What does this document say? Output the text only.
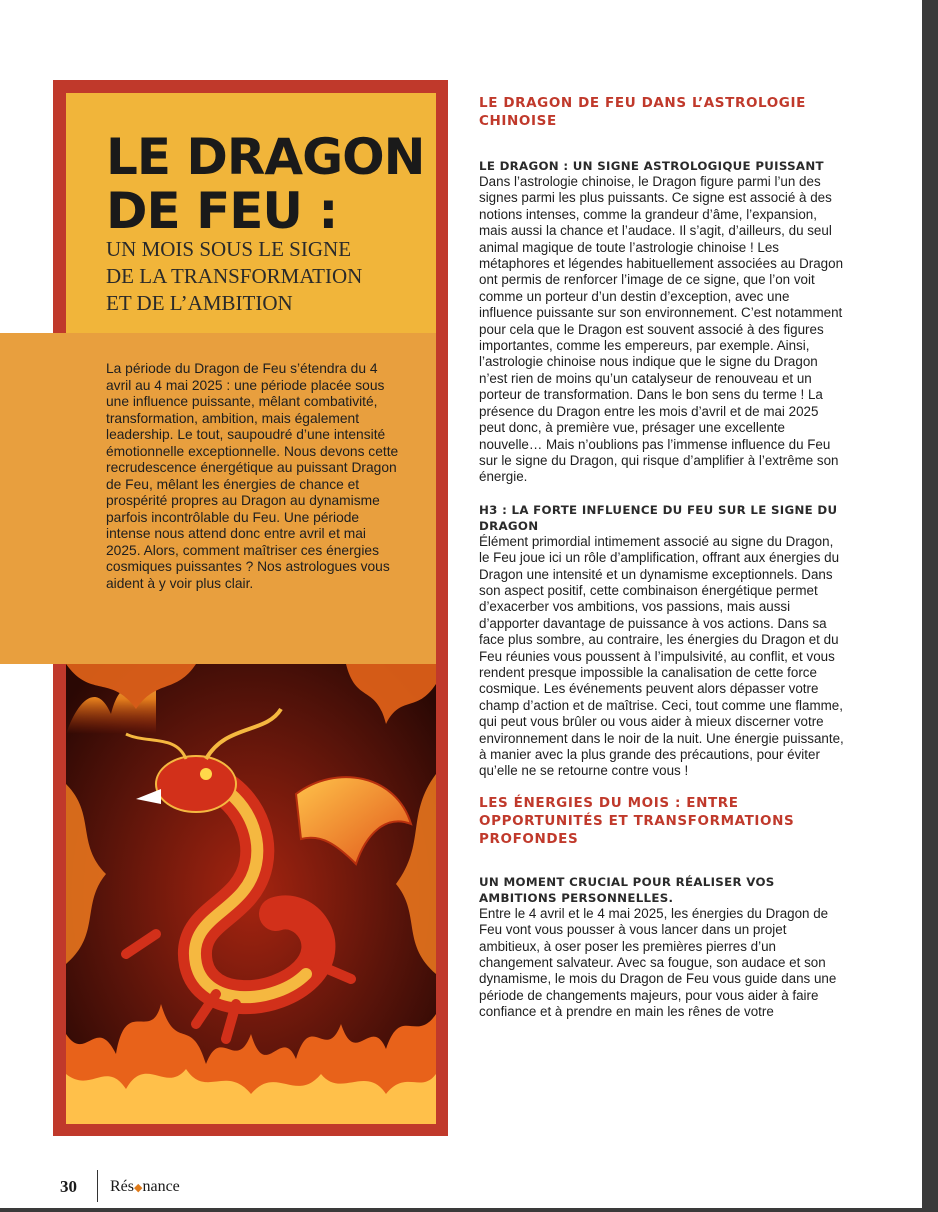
LE DRAGON DE FEU :
UN MOIS SOUS LE SIGNE
DE LA TRANSFORMATION
ET DE L’AMBITION

La période du Dragon de Feu s’étendra du 4 avril au 4 mai 2025 : une période placée sous une influence puissante, mêlant combativité, transformation, ambition, mais également leadership. Le tout, saupoudré d’une intensité émotionnelle exceptionnelle. Nous devons cette recrudescence énergétique au puissant Dragon de Feu, mêlant les énergies de chance et prospérité propres au Dragon au dynamisme parfois incontrôlable du Feu. Une période intense nous attend donc entre avril et mai 2025. Alors, comment maîtriser ces énergies cosmiques puissantes ? Nos astrologues vous aident à y voir plus clair.

LE DRAGON DE FEU DANS L’ASTROLOGIE CHINOISE
LE DRAGON : UN SIGNE ASTROLOGIQUE PUISSANT

Dans l’astrologie chinoise, le Dragon figure parmi l’un des signes parmi les plus puissants. Ce signe est associé à des notions intenses, comme la grandeur d’âme, l’expansion, mais aussi la chance et l’audace. Il s’agit, d’ailleurs, du seul animal magique de toute l’astrologie chinoise ! Les métaphores et légendes habituellement associées au Dragon ont permis de renforcer l’image de ce signe, que l’on voit comme un porteur d’un destin d’exception, avec une influence puissante sur son environnement. C’est notamment pour cela que le Dragon est souvent associé à des figures importantes, comme les empereurs, par exemple. Ainsi, l’astrologie chinoise nous indique que le signe du Dragon n’est rien de moins qu’un catalyseur de renouveau et un porteur de transformation. Dans le bon sens du terme ! La présence du Dragon entre les mois d’avril et de mai 2025 peut donc, à première vue, présager une excellente nouvelle… Mais n’oublions pas l’immense influence du Feu sur le signe du Dragon, qui risque d’amplifier à l’extrême son énergie.

H3 : LA FORTE INFLUENCE DU FEU SUR LE SIGNE DU DRAGON

Élément primordial intimement associé au signe du Dragon, le Feu joue ici un rôle d’amplification, offrant aux énergies du Dragon une intensité et un dynamisme exceptionnels. Dans son aspect positif, cette combinaison énergétique permet d’exacerber vos ambitions, vos passions, mais aussi d’apporter davantage de puissance à vos actions. Dans sa face plus sombre, au contraire, les énergies du Dragon et du Feu réunies vous poussent à l’impulsivité, au conflit, et vous rendent presque impossible la canalisation de cette force cosmique. Les événements peuvent alors dépasser votre champ d’action et de maîtrise. Ceci, tout comme une flamme, qui peut vous brûler ou vous aider à mieux discerner votre environnement dans le noir de la nuit. Une énergie puissante, à manier avec la plus grande des précautions, pour éviter qu’elle ne se retourne contre vous !

LES ÉNERGIES DU MOIS : ENTRE OPPORTUNITÉS ET TRANSFORMATIONS PROFONDES
UN MOMENT CRUCIAL POUR RÉALISER VOS AMBITIONS PERSONNELLES.

Entre le 4 avril et le 4 mai 2025, les énergies du Dragon de Feu vont vous pousser à vous lancer dans un projet ambitieux, à oser poser les premières pierres d’un changement salvateur. Avec sa fougue, son audace et son dynamisme, le mois du Dragon de Feu vous guide dans une période de changements majeurs, pour vous aider à faire confiance et à prendre en main les rênes de votre

30 Rés◆nance
